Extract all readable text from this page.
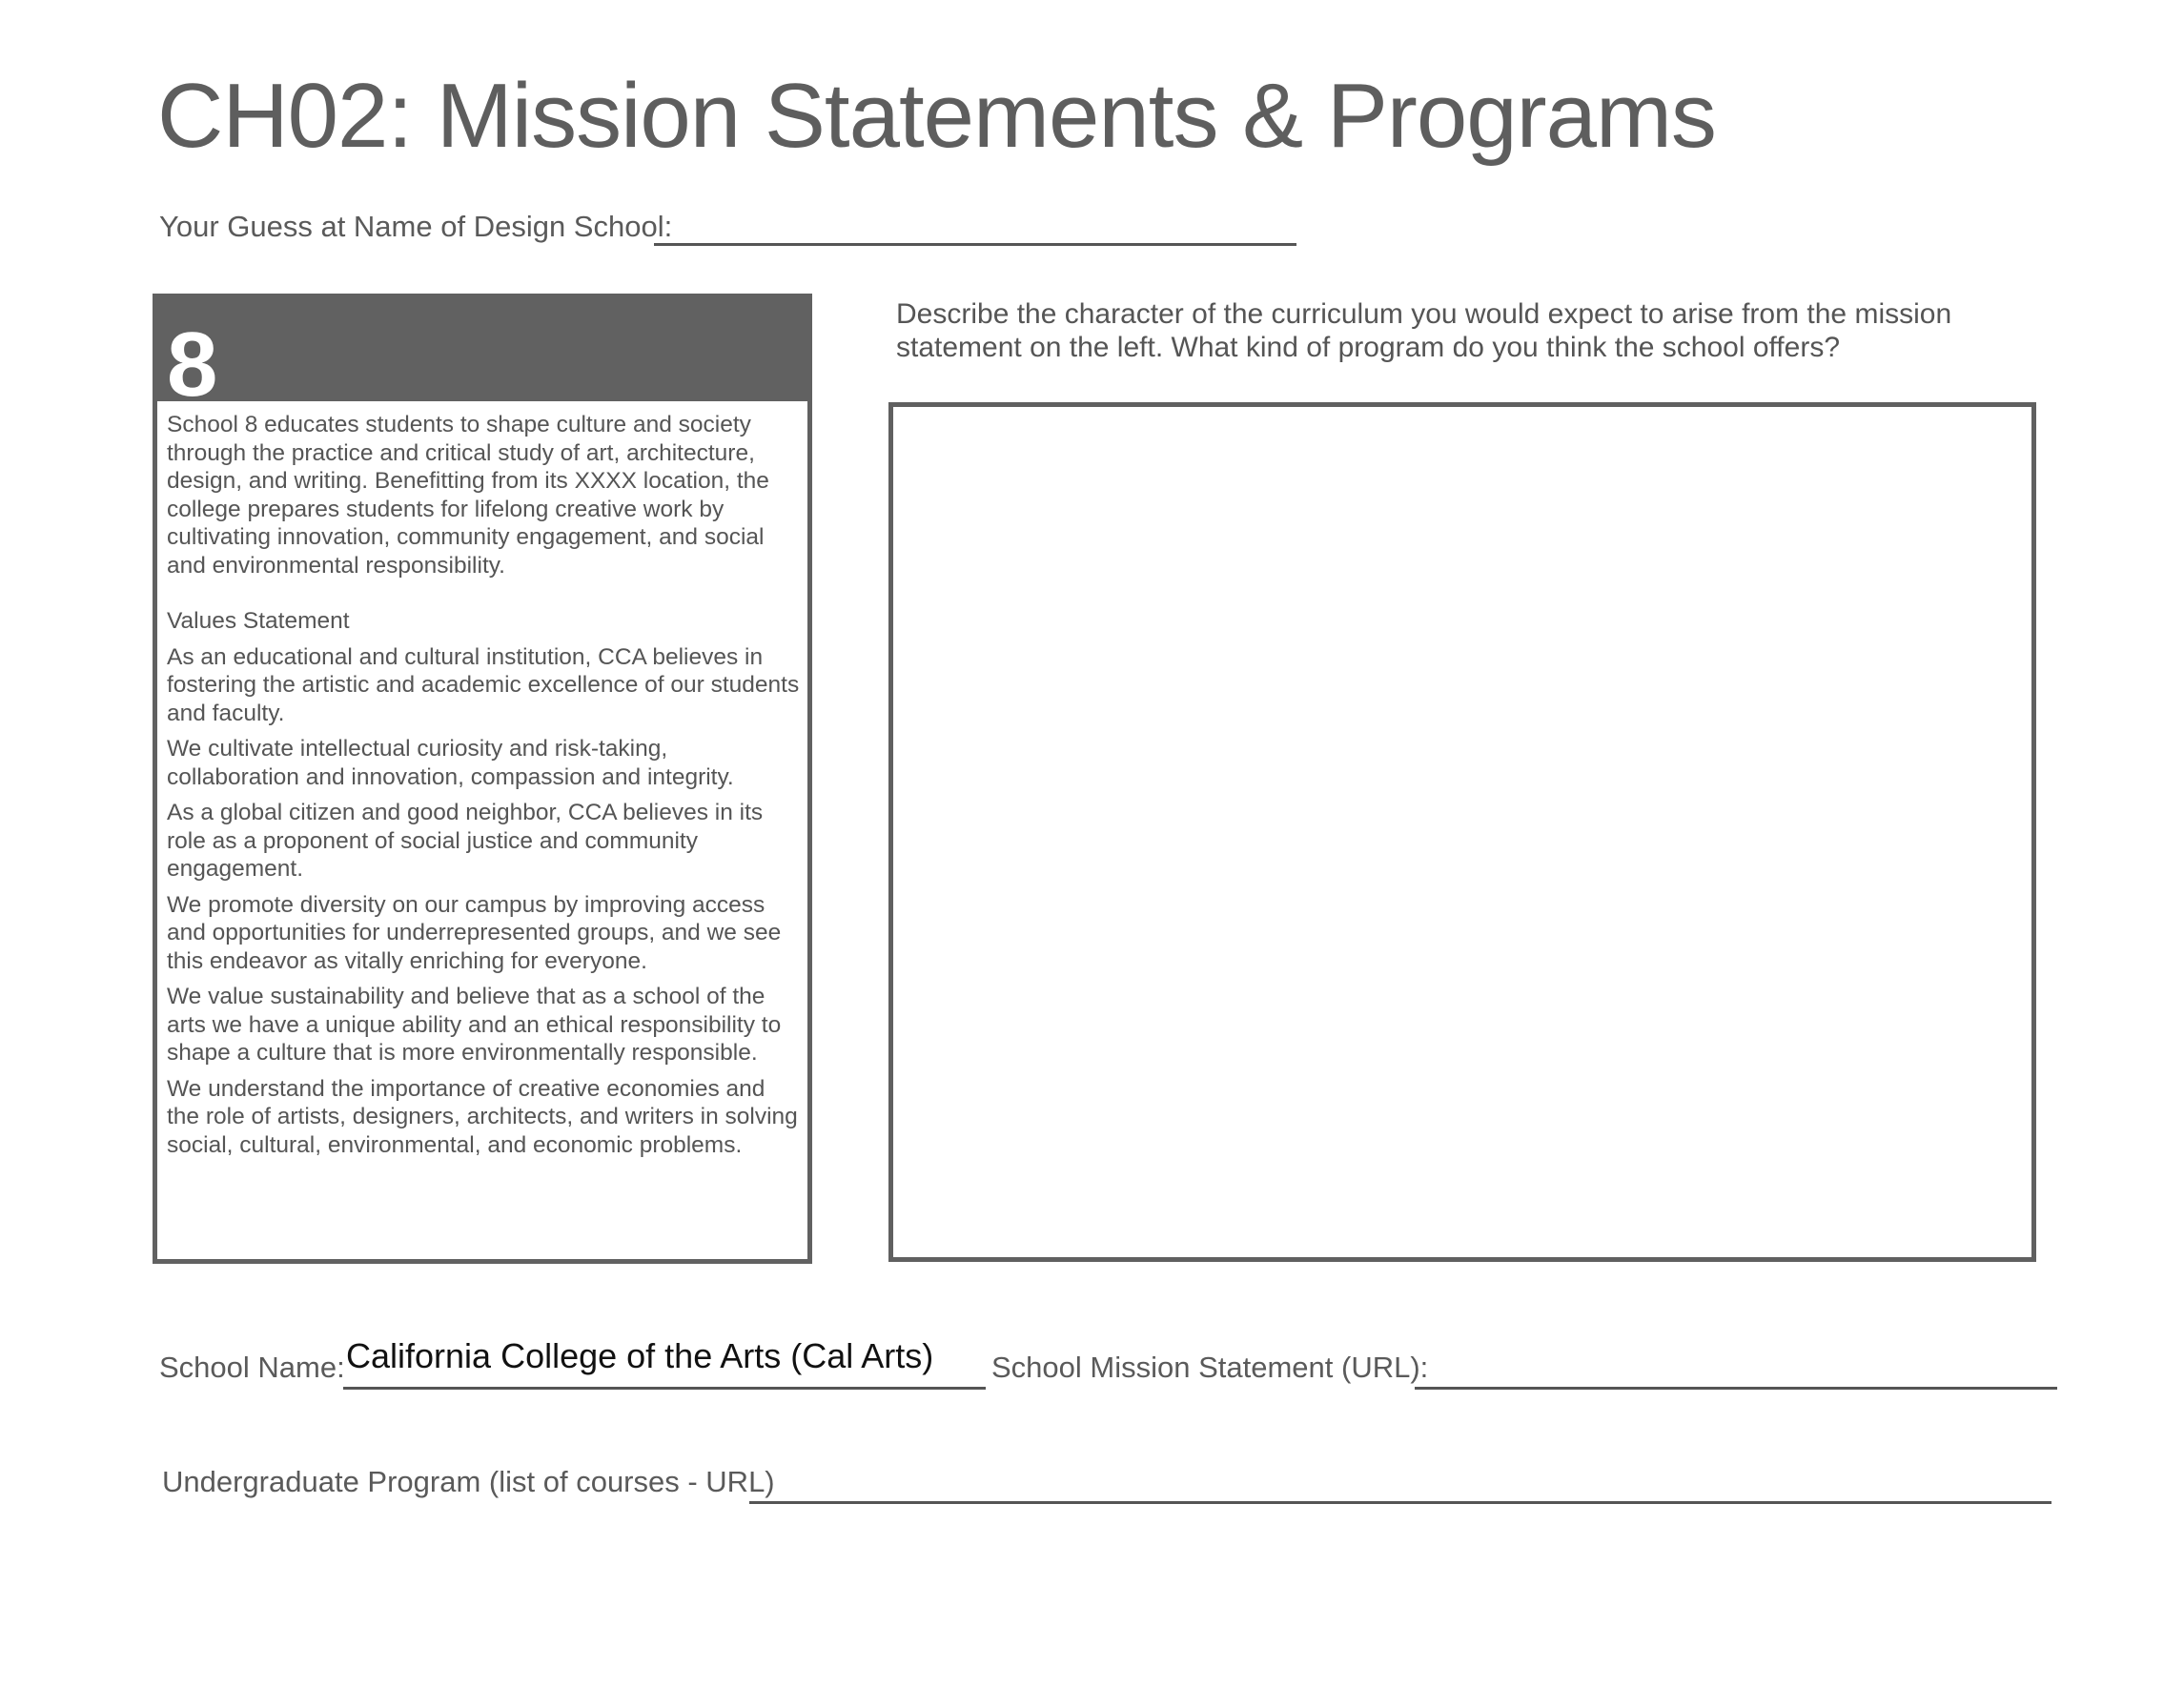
CH02: Mission Statements & Programs
Your Guess at Name of Design School:
8

School 8 educates students to shape culture and society through the practice and critical study of art, architecture, design, and writing. Benefitting from its XXXX location, the college prepares students for lifelong creative work by cultivating innovation, community engagement, and social and environmental responsibility.

Values Statement

As an educational and cultural institution, CCA believes in fostering the artistic and academic excellence of our students and faculty.

We cultivate intellectual curiosity and risk-taking, collaboration and innovation, compassion and integrity.

As a global citizen and good neighbor, CCA believes in its role as a proponent of social justice and community engagement.

We promote diversity on our campus by improving access and opportunities for underrepresented groups, and we see this endeavor as vitally enriching for everyone.

We value sustainability and believe that as a school of the arts we have a unique ability and an ethical responsibility to shape a culture that is more environmentally responsible.

We understand the importance of creative economies and the role of artists, designers, architects, and writers in solving social, cultural, environmental, and economic problems.

Describe the character of the curriculum you would expect to arise from the mission statement on the left. What kind of program do you think the school offers?
School Name: California College of the Arts (Cal Arts) School Mission Statement (URL):
Undergraduate Program (list of courses - URL)
